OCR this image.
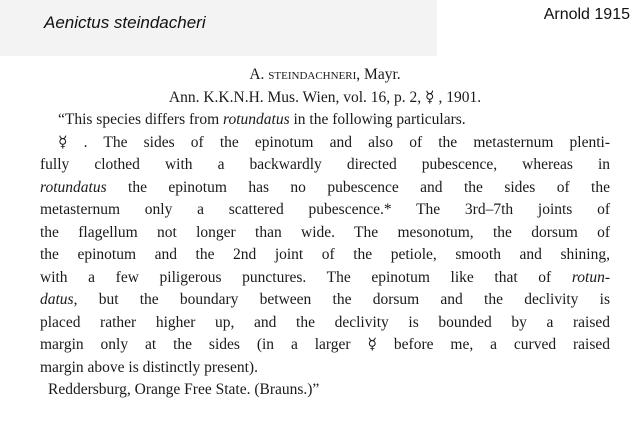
Aenictus steindacheri	Arnold 1915
A. steindachneri, Mayr.
Ann. K.K.N.H. Mus. Wien, vol. 16, p. 2, ☿ , 1901.
“This species differs from rotundatus in the following particulars.
☿ . The sides of the epinotum and also of the metasternum plenti-
fully clothed with a backwardly directed pubescence, whereas in
rotundatus the epinotum has no pubescence and the sides of the
metasternum only a scattered pubescence.* The 3rd–7th joints of
the flagellum not longer than wide. The mesonotum, the dorsum of
the epinotum and the 2nd joint of the petiole, smooth and shining,
with a few piligerous punctures. The epinotum like that of rotun-
datus, but the boundary between the dorsum and the declivity is
placed rather higher up, and the declivity is bounded by a raised
margin only at the sides (in a larger ☿ before me, a curved raised
margin above is distinctly present).
Reddersburg, Orange Free State. (Brauns.)”
